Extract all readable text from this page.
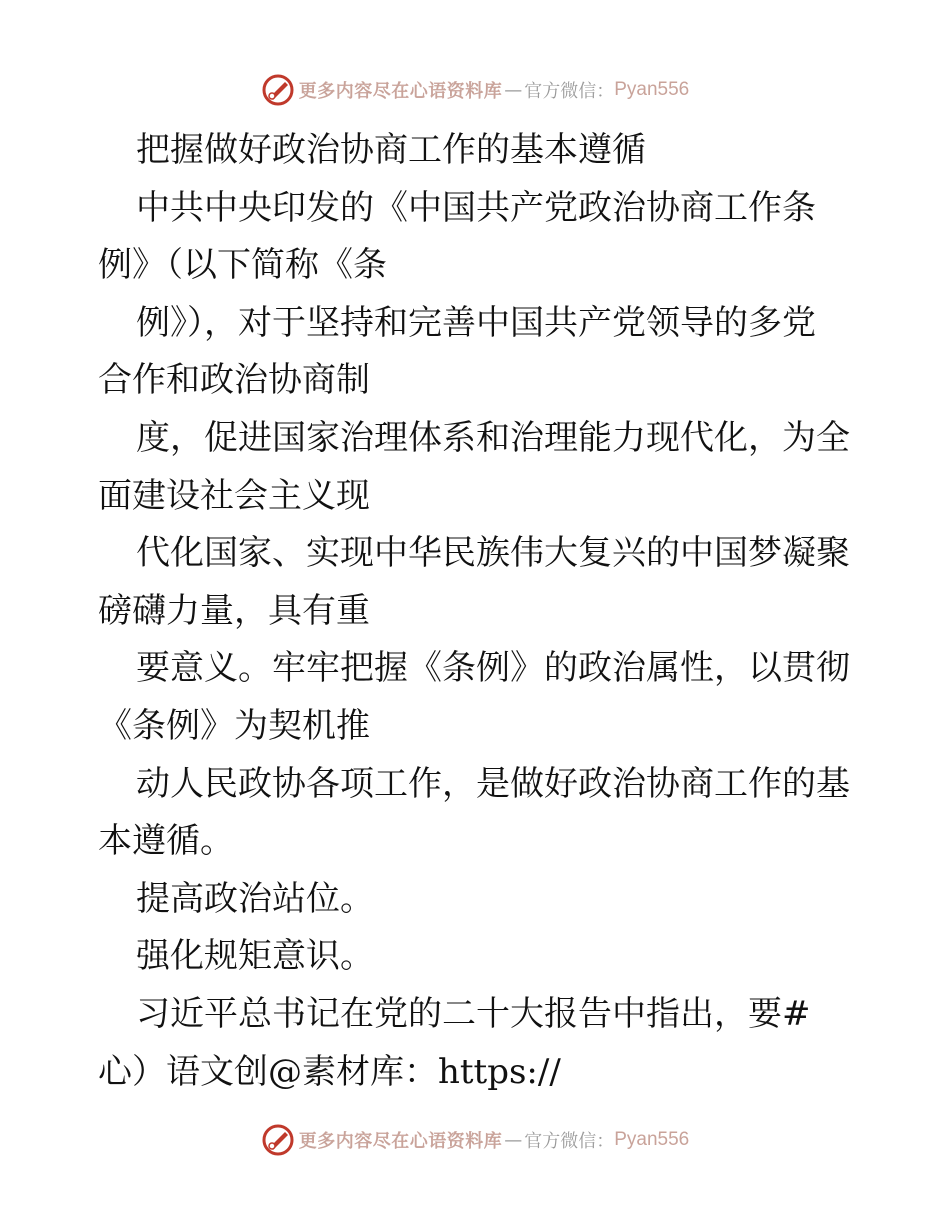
更多内容尽在心语资料库 — 官方微信： Pyan556
把握做好政治协商工作的基本遵循
中共中央印发的《中国共产党政治协商工作条
例》（以下简称《条
例》），对于坚持和完善中国共产党领导的多党
合作和政治协商制
度，促进国家治理体系和治理能力现代化，为全
面建设社会主义现
代化国家、实现中华民族伟大复兴的中国梦凝聚
磅礴力量，具有重
要意义。牢牢把握《条例》的政治属性，以贯彻
《条例》为契机推
动人民政协各项工作，是做好政治协商工作的基
本遵循。
提高政治站位。
强化规矩意识。
习近平总书记在党的二十大报告中指出，要#
心）语文创@素材库：https://
更多内容尽在心语资料库 — 官方微信： Pyan556
